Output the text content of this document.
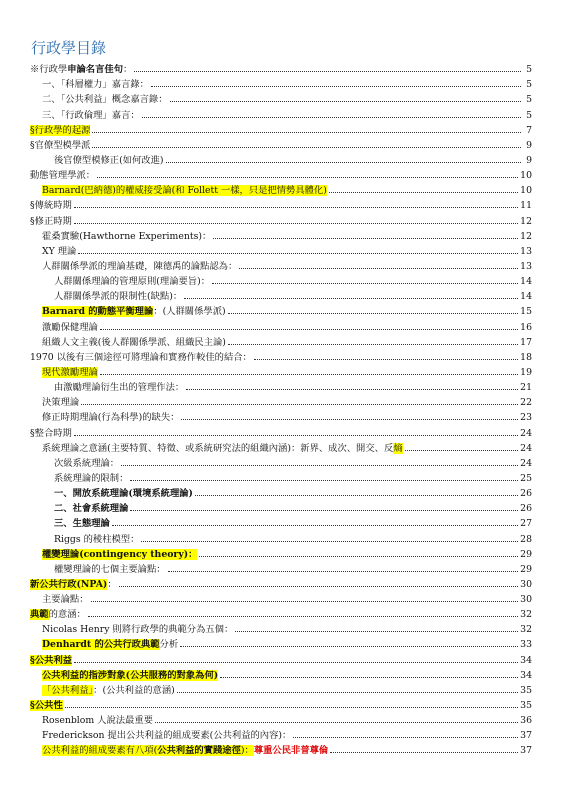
行政學目錄
※行政學申論名言佳句：	5
一、「科層權力」嘉言錄：	5
二、「公共利益」概念嘉言錄：	5
三、「行政倫理」嘉言：	5
§行政學的起源	7
§官僚型模學派	9
後官僚型模修正(如何改進)	9
動態管理學派：	10
Barnard(巴納德)的權威接受論(和 Follett 一樣，只是把情勢具體化)	10
§傳統時期	11
§修正時期	12
霍桑實驗(Hawthorne Experiments)：	12
XY 理論	13
人群關係學派的理論基礎，陳德禹的論點認為：	13
人群關係理論的管理原則(理論要旨)：	14
人群關係學派的限制性(缺點)：	14
Barnard 的動態平衡理論：(人群關係學派)	15
激勵保健理論	16
組織人文主義(後人群關係學派、組織民主論)	17
1970 以後有三個途徑可將理論和實務作較佳的結合：	18
現代激勵理論	19
由激勵理論衍生出的管理作法：	21
決策理論	22
修正時期理論(行為科學)的缺失：	23
§整合時期	24
系統理論之意涵(主要特質、特徵、或系統研究法的組織內涵)：新界、成次、開交、反熵	24
次級系統理論：	24
系統理論的限制：	25
一、開放系統理論(環境系統理論)	26
二、社會系統理論	26
三、生態理論	27
Riggs 的稜柱模型：	28
權變理論(contingency theory)：	29
權變理論的七個主要論點：	29
新公共行政(NPA)：	30
主要論點：	30
典範的意涵：	32
Nicolas Henry 則將行政學的典範分為五個：	32
Denhardt 的公共行政典範分析	33
§公共利益	34
公共利益的指涉對象(公共服務的對象為何)	34
「公共利益」：(公共利益的意涵)	35
§公共性	35
Rosenblom 人說法最重要	36
Frederickson 提出公共利益的組成要素(公共利益的內容)：	37
公共利益的組成要素有八項(公共利益的實踐途徑)：尊重公民非普尊倫	37
